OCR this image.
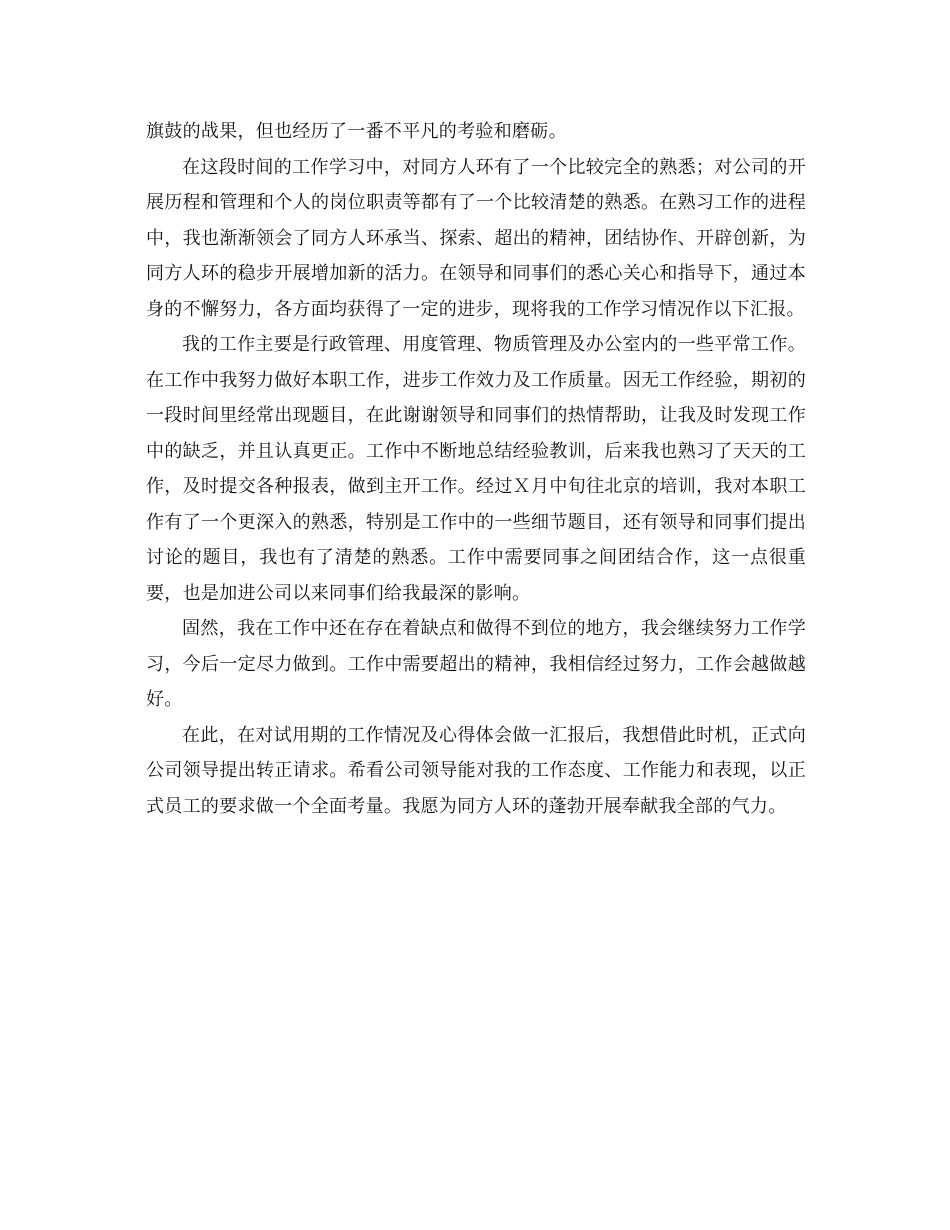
旗鼓的战果，但也经历了一番不平凡的考验和磨砺。

在这段时间的工作学习中，对同方人环有了一个比较完全的熟悉；对公司的开展历程和管理和个人的岗位职责等都有了一个比较清楚的熟悉。在熟习工作的进程中，我也渐渐领会了同方人环承当、探索、超出的精神，团结协作、开辟创新，为同方人环的稳步开展增加新的活力。在领导和同事们的悉心关心和指导下，通过本身的不懈努力，各方面均获得了一定的进步，现将我的工作学习情况作以下汇报。

我的工作主要是行政管理、用度管理、物质管理及办公室内的一些平常工作。在工作中我努力做好本职工作，进步工作效力及工作质量。因无工作经验，期初的一段时间里经常出现题目，在此谢谢领导和同事们的热情帮助，让我及时发现工作中的缺乏，并且认真更正。工作中不断地总结经验教训，后来我也熟习了天天的工作，及时提交各种报表，做到主开工作。经过Ｘ月中旬往北京的培训，我对本职工作有了一个更深入的熟悉，特别是工作中的一些细节题目，还有领导和同事们提出讨论的题目，我也有了清楚的熟悉。工作中需要同事之间团结合作，这一点很重要，也是加进公司以来同事们给我最深的影响。

固然，我在工作中还在存在着缺点和做得不到位的地方，我会继续努力工作学习，今后一定尽力做到。工作中需要超出的精神，我相信经过努力，工作会越做越好。

在此，在对试用期的工作情况及心得体会做一汇报后，我想借此时机，正式向公司领导提出转正请求。希看公司领导能对我的工作态度、工作能力和表现，以正式员工的要求做一个全面考量。我愿为同方人环的蓬勃开展奉献我全部的气力。
